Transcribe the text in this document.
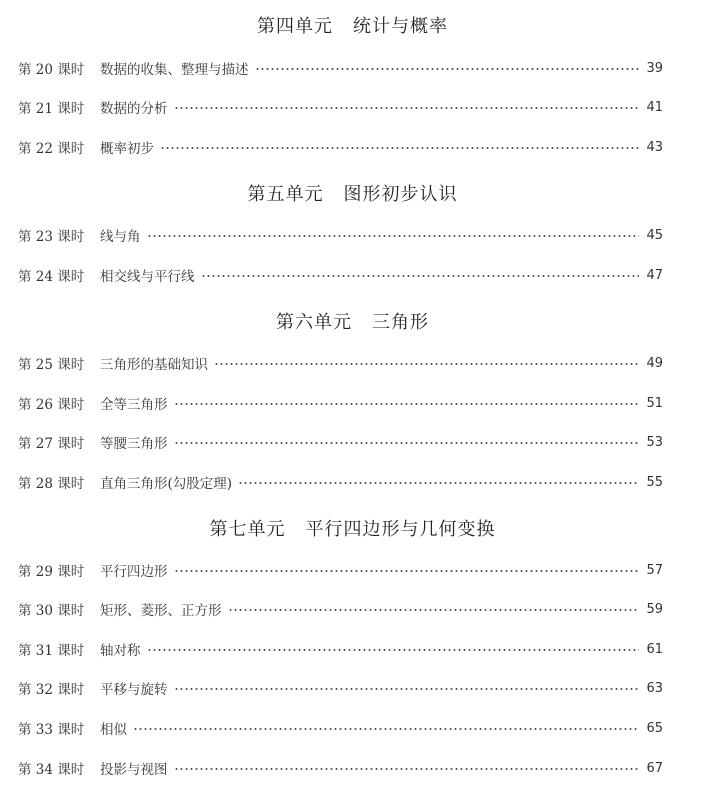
第四单元 统计与概率
第 20 课时	数据的收集、整理与描述	39
第 21 课时	数据的分析	41
第 22 课时	概率初步	43
第五单元 图形初步认识
第 23 课时	线与角	45
第 24 课时	相交线与平行线	47
第六单元 三角形
第 25 课时	三角形的基础知识	49
第 26 课时	全等三角形	51
第 27 课时	等腰三角形	53
第 28 课时	直角三角形(勾股定理)	55
第七单元 平行四边形与几何变换
第 29 课时	平行四边形	57
第 30 课时	矩形、菱形、正方形	59
第 31 课时	轴对称	61
第 32 课时	平移与旋转	63
第 33 课时	相似	65
第 34 课时	投影与视图	67
